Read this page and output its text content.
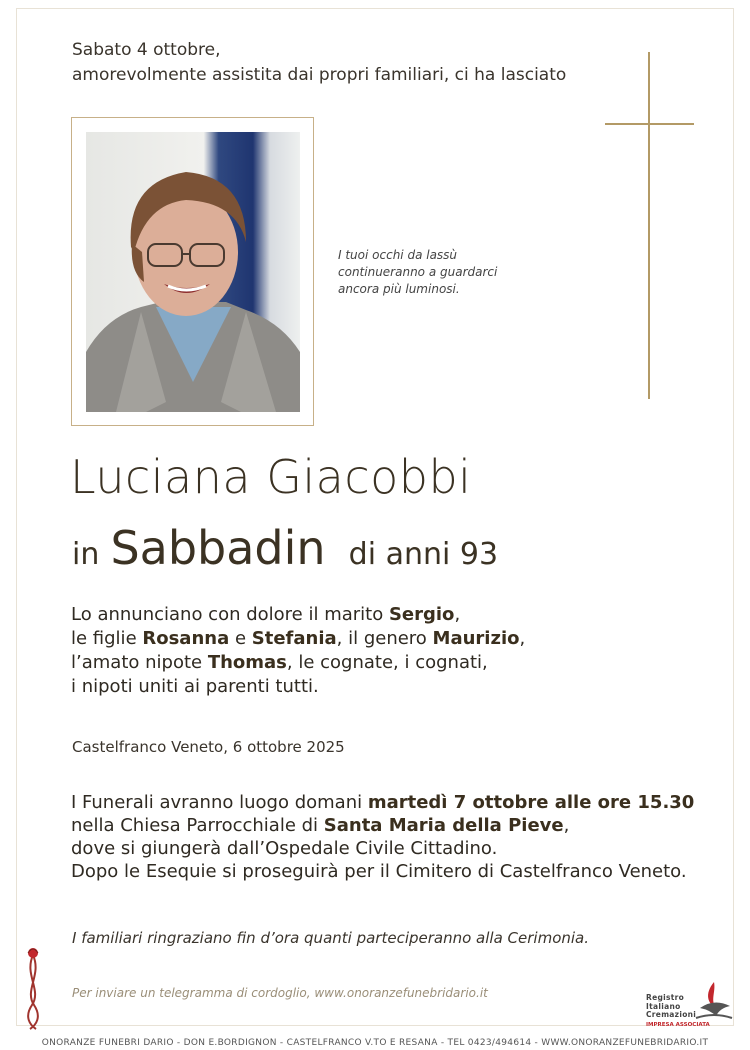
Sabato 4 ottobre,
amorevolmente assistita dai propri familiari, ci ha lasciato
I tuoi occhi da lassù
continueranno a guardarci
ancora più luminosi.
Luciana Giacobbi
in Sabbadin di anni 93
Lo annunciano con dolore il marito Sergio,
le figlie Rosanna e Stefania, il genero Maurizio,
l’amato nipote Thomas, le cognate, i cognati,
i nipoti uniti ai parenti tutti.
Castelfranco Veneto, 6 ottobre 2025
I Funerali avranno luogo domani martedì 7 ottobre alle ore 15.30
nella Chiesa Parrocchiale di Santa Maria della Pieve,
dove si giungerà dall’Ospedale Civile Cittadino.
Dopo le Esequie si proseguirà per il Cimitero di Castelfranco Veneto.
I familiari ringraziano fin d’ora quanti parteciperanno alla Cerimonia.
Per inviare un telegramma di cordoglio, www.onoranzefunebridario.it	Registro
Italiano
Cremazioni
IMPRESA ASSOCIATA
ONORANZE FUNEBRI DARIO - DON E.BORDIGNON - CASTELFRANCO V.TO E RESANA - TEL 0423/494614 - WWW.ONORANZEFUNEBRIDARIO.IT
